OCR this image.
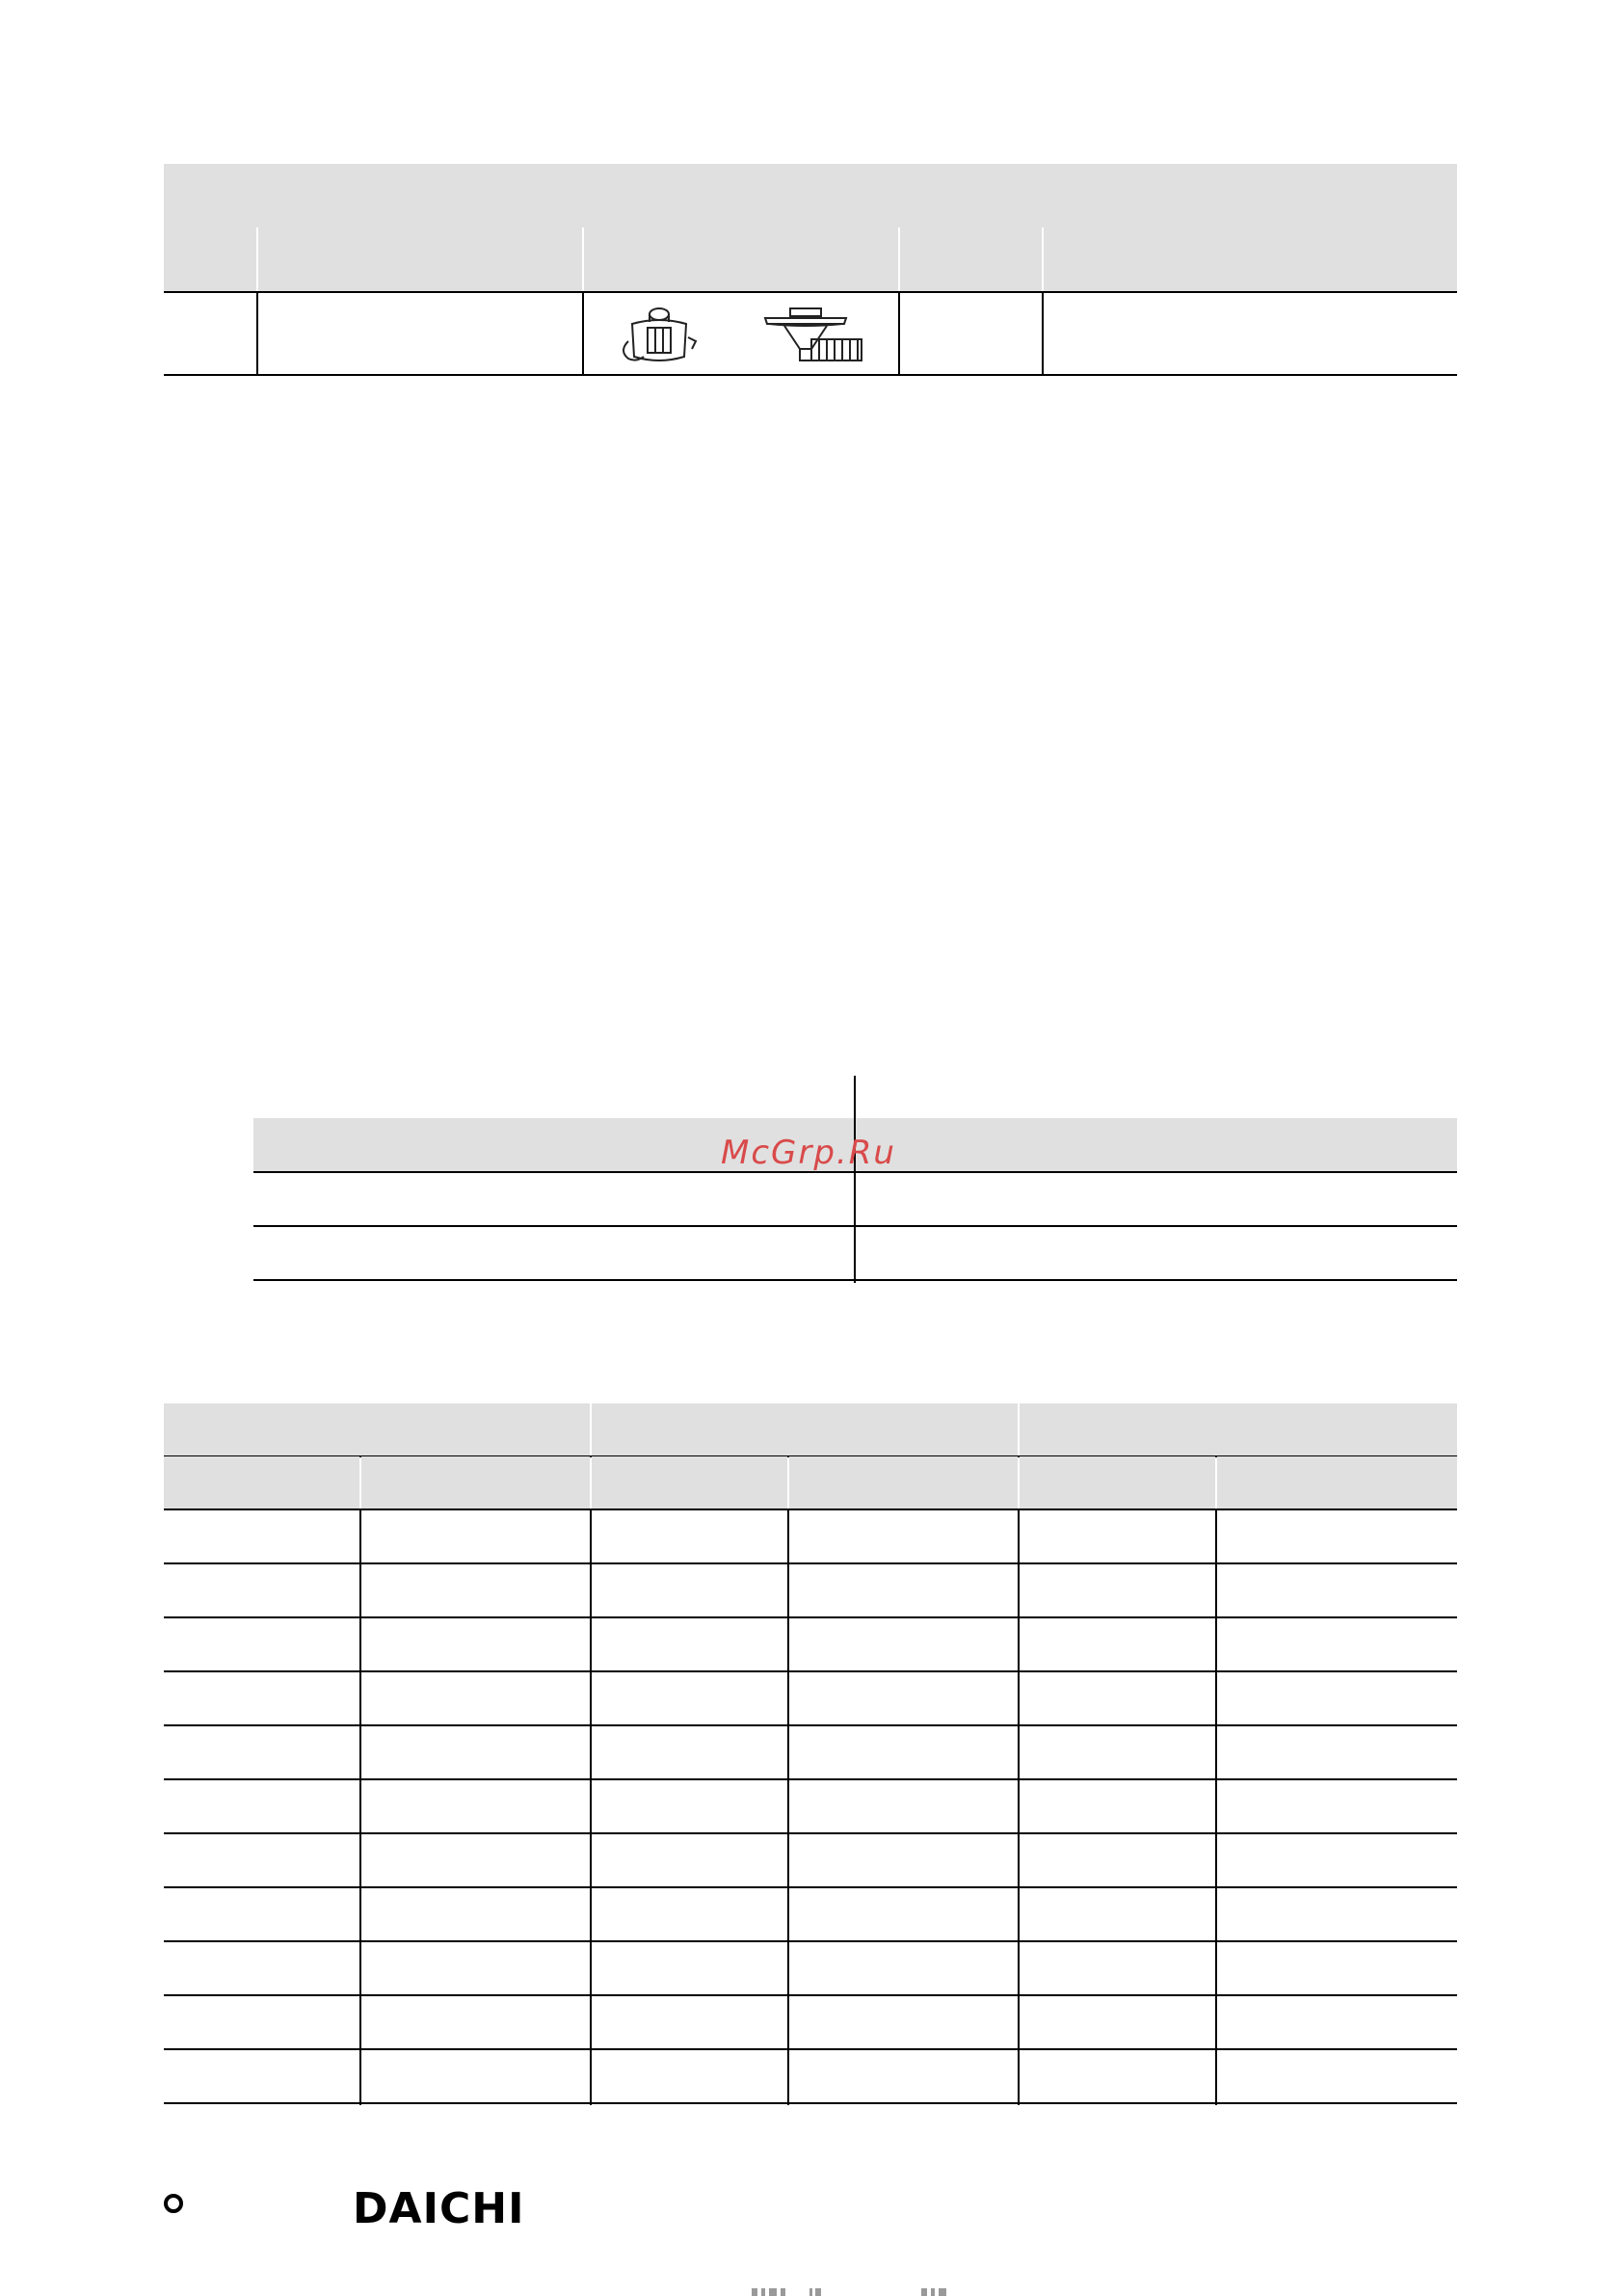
McGrp.Ru
DAICHI
